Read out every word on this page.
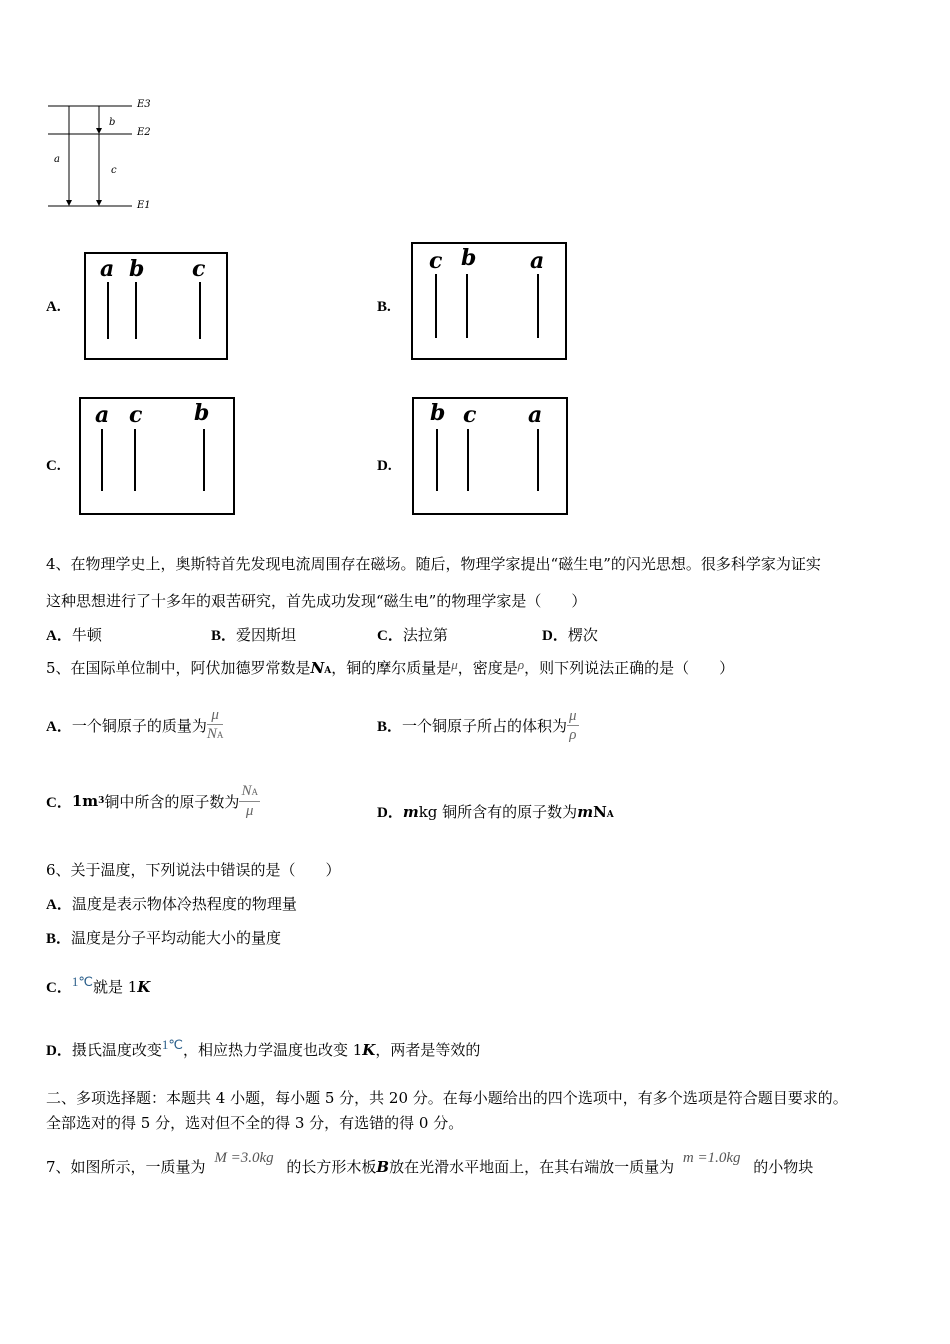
E3
E2
E1
a
b
c
A.
a b c
B.
c b a
C.
a c b
D.
b c a
4、在物理学史上，奥斯特首先发现电流周围存在磁场。随后，物理学家提出“磁生电”的闪光思想。很多科学家为证实
这种思想进行了十多年的艰苦研究，首先成功发现“磁生电”的物理学家是（　　）
A．牛顿	B．爱因斯坦	C．法拉第	D．楞次
5、在国际单位制中，阿伏加德罗常数是NA，铜的摩尔质量是μ，密度是ρ，则下列说法正确的是（　　）
A． 一个铜原子的质量为 $\frac{\mu}{NA}$	B． 一个铜原子所占的体积为 $\frac{\mu}{\rho}$
C． 1m 3 铜中所含的原子数为 $\frac{NA}{\mu}$	D．mkg 铜所含有的原子数为mNA
6、关于温度，下列说法中错误的是（　　）
A．温度是表示物体冷热程度的物理量
B．温度是分子平均动能大小的量度
C．1℃就是 1K
D．摄氏温度改变1℃，相应热力学温度也改变 1K，两者是等效的
二、多项选择题：本题共 4 小题，每小题 5 分，共 20 分。在每小题给出的四个选项中，有多个选项是符合题目要求的。
全部选对的得 5 分，选对但不全的得 3 分，有选错的得 0 分。
7、如图所示，一质量为 M =3.0kg 的长方形木板B放在光滑水平地面上，在其右端放一质量为 m =1.0kg 的小物块
